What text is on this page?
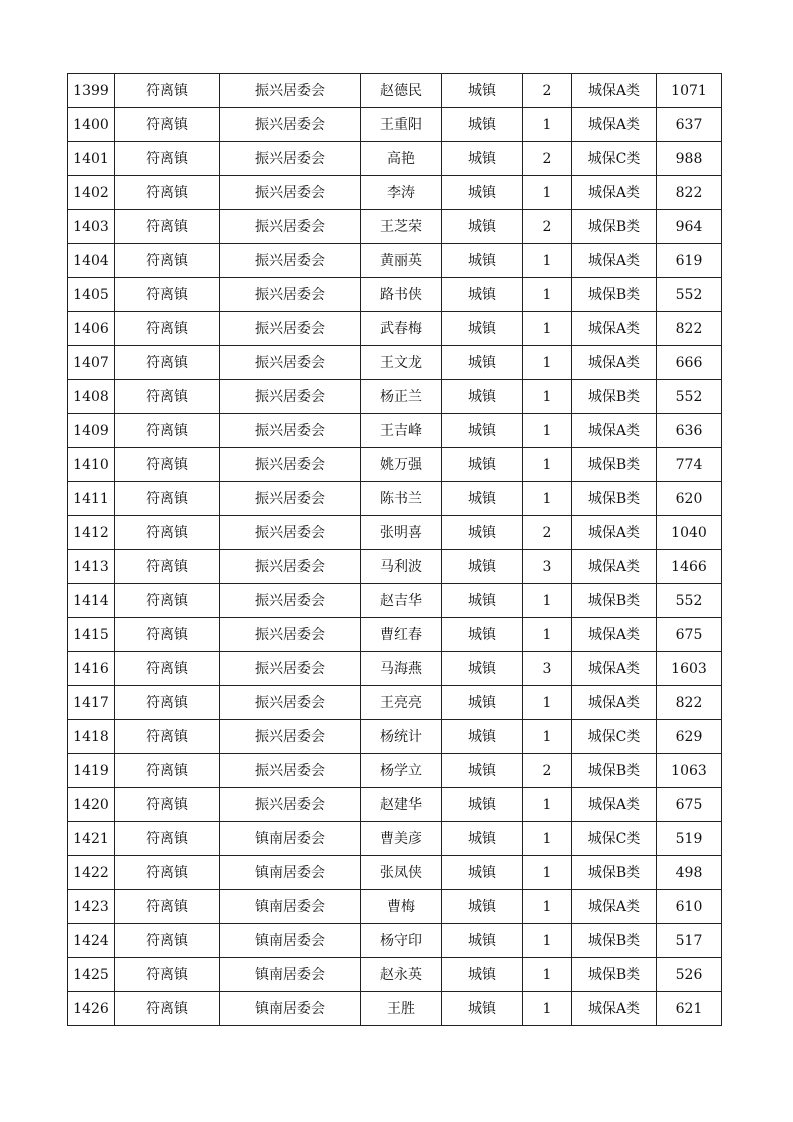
1399	符离镇	振兴居委会	赵德民	城镇	2	城保A类	1071
1400	符离镇	振兴居委会	王重阳	城镇	1	城保A类	637
1401	符离镇	振兴居委会	高艳	城镇	2	城保C类	988
1402	符离镇	振兴居委会	李涛	城镇	1	城保A类	822
1403	符离镇	振兴居委会	王芝荣	城镇	2	城保B类	964
1404	符离镇	振兴居委会	黄丽英	城镇	1	城保A类	619
1405	符离镇	振兴居委会	路书侠	城镇	1	城保B类	552
1406	符离镇	振兴居委会	武春梅	城镇	1	城保A类	822
1407	符离镇	振兴居委会	王文龙	城镇	1	城保A类	666
1408	符离镇	振兴居委会	杨正兰	城镇	1	城保B类	552
1409	符离镇	振兴居委会	王吉峰	城镇	1	城保A类	636
1410	符离镇	振兴居委会	姚万强	城镇	1	城保B类	774
1411	符离镇	振兴居委会	陈书兰	城镇	1	城保B类	620
1412	符离镇	振兴居委会	张明喜	城镇	2	城保A类	1040
1413	符离镇	振兴居委会	马利波	城镇	3	城保A类	1466
1414	符离镇	振兴居委会	赵吉华	城镇	1	城保B类	552
1415	符离镇	振兴居委会	曹红春	城镇	1	城保A类	675
1416	符离镇	振兴居委会	马海燕	城镇	3	城保A类	1603
1417	符离镇	振兴居委会	王亮亮	城镇	1	城保A类	822
1418	符离镇	振兴居委会	杨统计	城镇	1	城保C类	629
1419	符离镇	振兴居委会	杨学立	城镇	2	城保B类	1063
1420	符离镇	振兴居委会	赵建华	城镇	1	城保A类	675
1421	符离镇	镇南居委会	曹美彦	城镇	1	城保C类	519
1422	符离镇	镇南居委会	张凤侠	城镇	1	城保B类	498
1423	符离镇	镇南居委会	曹梅	城镇	1	城保A类	610
1424	符离镇	镇南居委会	杨守印	城镇	1	城保B类	517
1425	符离镇	镇南居委会	赵永英	城镇	1	城保B类	526
1426	符离镇	镇南居委会	王胜	城镇	1	城保A类	621
